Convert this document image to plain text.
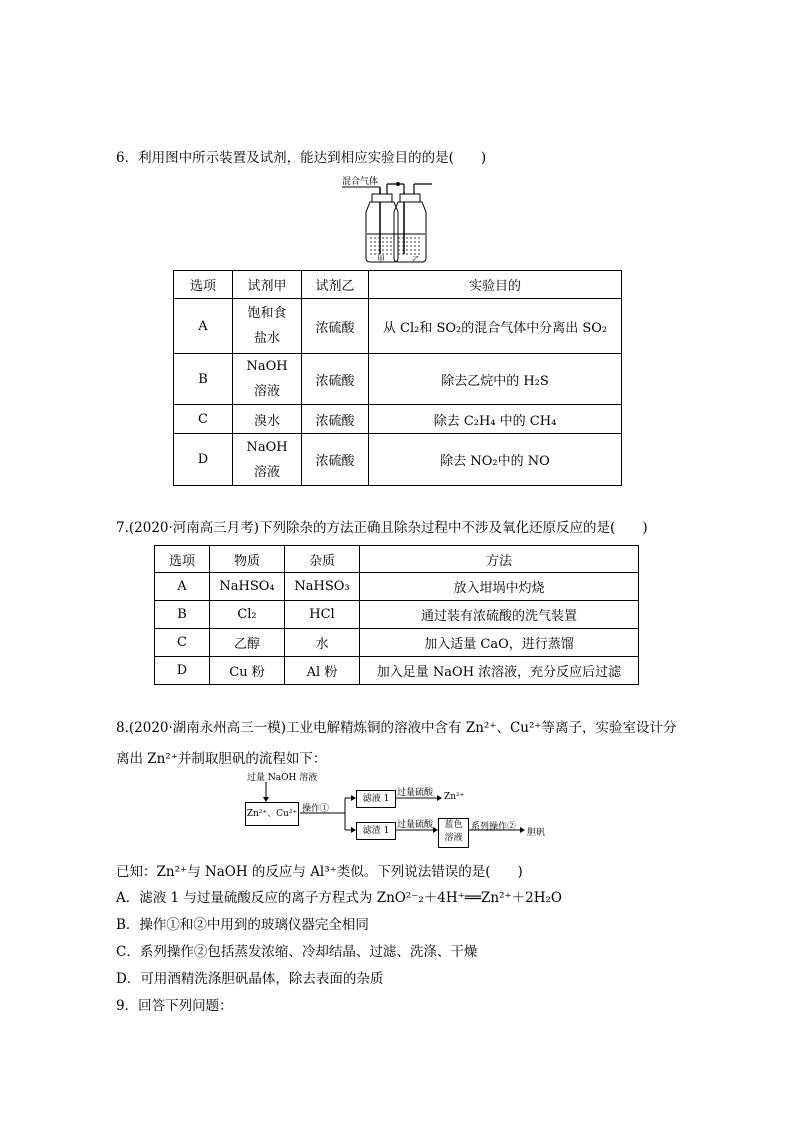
6．利用图中所示装置及试剂，能达到相应实验目的的是(　　)
混合气体
甲	乙
选项	试剂甲	试剂乙	实验目的
A	饱和食
盐水	浓硫酸	从 Cl₂和 SO₂的混合气体中分离出 SO₂
B	NaOH
溶液	浓硫酸	除去乙烷中的 H₂S
C	溴水	浓硫酸	除去 C₂H₄ 中的 CH₄
D	NaOH
溶液	浓硫酸	除去 NO₂中的 NO
7.(2020·河南高三月考)下列除杂的方法正确且除杂过程中不涉及氧化还原反应的是(　　)
选项	物质	杂质	方法
A	NaHSO₄	NaHSO₃	放入坩埚中灼烧
B	Cl₂	HCl	通过装有浓硫酸的洗气装置
C	乙醇	水	加入适量 CaO，进行蒸馏
D	Cu 粉	Al 粉	加入足量 NaOH 浓溶液，充分反应后过滤
8.(2020·湖南永州高三一模)工业电解精炼铜的溶液中含有 Zn²⁺、Cu²⁺等离子，实验室设计分
离出 Zn²⁺并制取胆矾的流程如下：
过量 NaOH 溶液
Zn²⁺、Cu²⁺ 操作①
滤液 1
过量硫酸 Zn²⁺
滤渣 1
过量硫酸	蓝色
溶液
系列操作②
胆矾
已知：Zn²⁺与 NaOH 的反应与 Al³⁺类似。下列说法错误的是(　　)
A．滤液 1 与过量硫酸反应的离子方程式为 ZnO²⁻₂＋4H⁺══Zn²⁺＋2H₂O
B．操作①和②中用到的玻璃仪器完全相同
C．系列操作②包括蒸发浓缩、冷却结晶、过滤、洗涤、干燥
D．可用酒精洗涤胆矾晶体，除去表面的杂质
9．回答下列问题：
